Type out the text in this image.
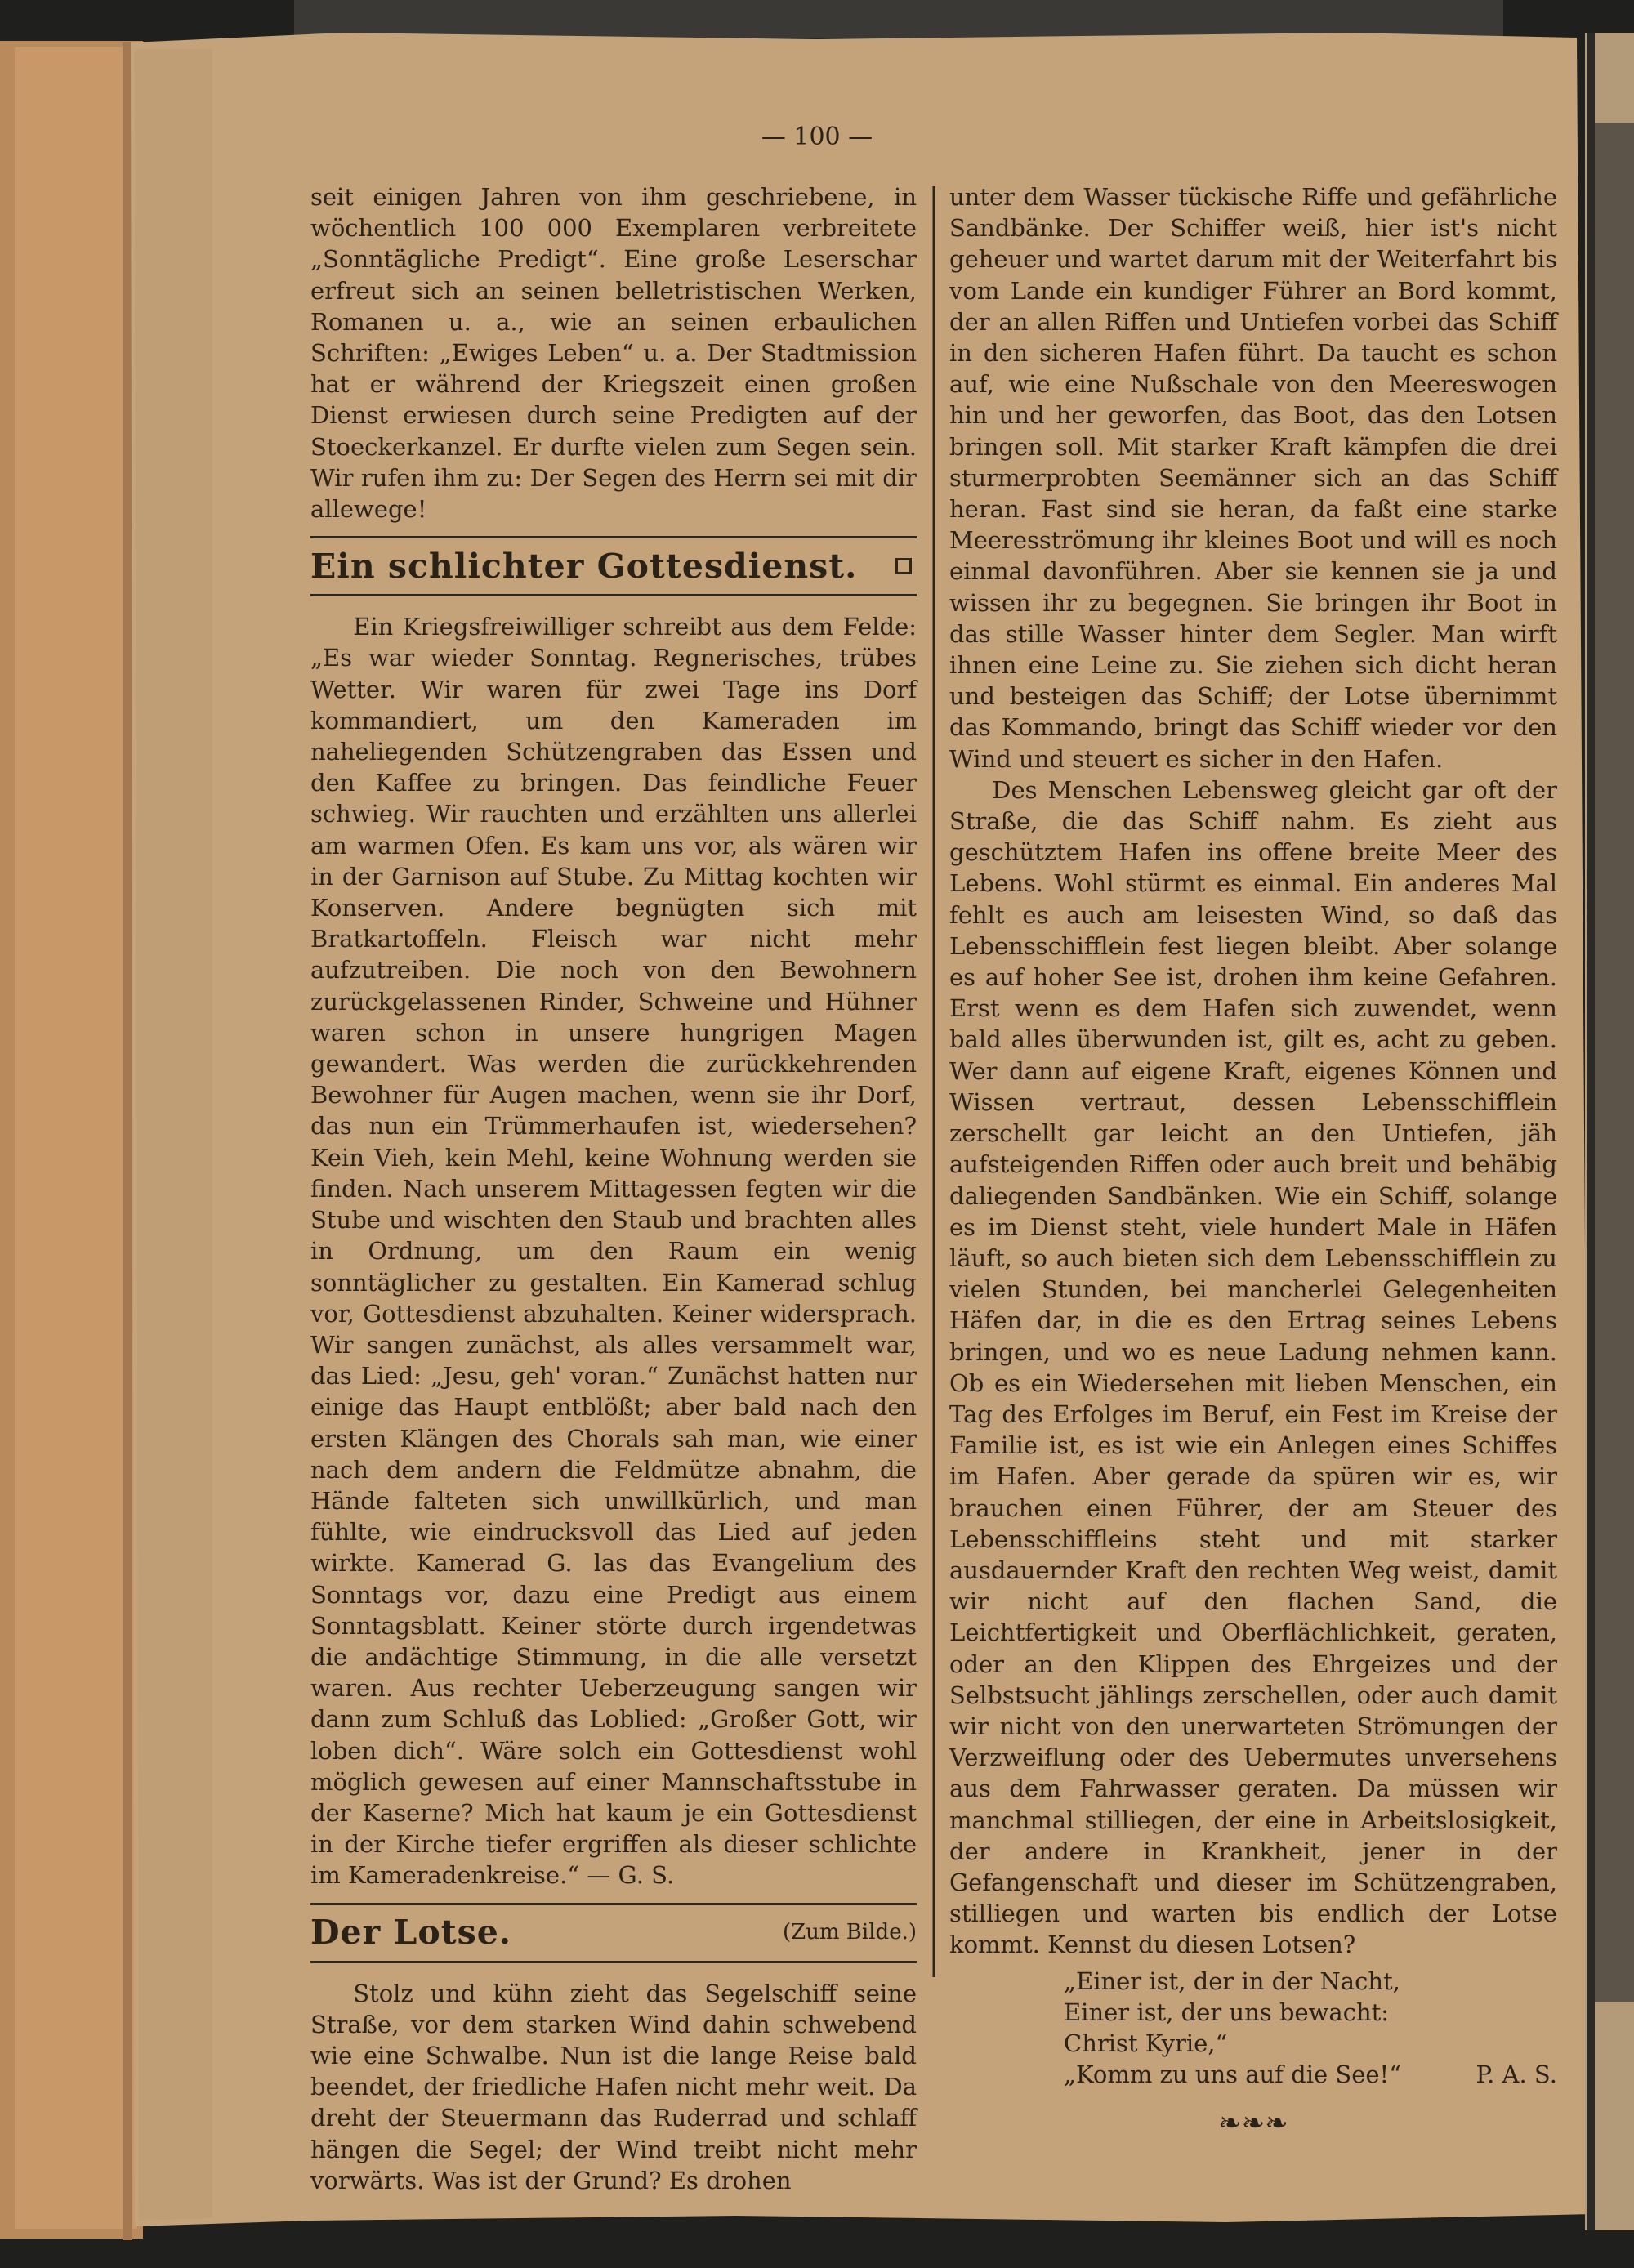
— 100 —

seit einigen Jahren von ihm geschriebene, in wöchentlich 100 000 Exemplaren verbreitete „Sonntägliche Predigt“. Eine große Leserschar erfreut sich an seinen belletristischen Werken, Romanen u. a., wie an seinen erbaulichen Schriften: „Ewiges Leben“ u. a. Der Stadtmission hat er während der Kriegszeit einen großen Dienst erwiesen durch seine Predigten auf der Stoeckerkanzel. Er durfte vielen zum Segen sein. Wir rufen ihm zu: Der Segen des Herrn sei mit dir allewege!

Ein schlichter Gottesdienst.

Ein Kriegsfreiwilliger schreibt aus dem Felde: „Es war wieder Sonntag. Regnerisches, trübes Wetter. Wir waren für zwei Tage ins Dorf kommandiert, um den Kameraden im naheliegenden Schützengraben das Essen und den Kaffee zu bringen. Das feindliche Feuer schwieg. Wir rauchten und erzählten uns allerlei am warmen Ofen. Es kam uns vor, als wären wir in der Garnison auf Stube. Zu Mittag kochten wir Konserven. Andere begnügten sich mit Bratkartoffeln. Fleisch war nicht mehr aufzutreiben. Die noch von den Bewohnern zurückgelassenen Rinder, Schweine und Hühner waren schon in unsere hungrigen Magen gewandert. Was werden die zurückkehrenden Bewohner für Augen machen, wenn sie ihr Dorf, das nun ein Trümmerhaufen ist, wiedersehen? Kein Vieh, kein Mehl, keine Wohnung werden sie finden. Nach unserem Mittagessen fegten wir die Stube und wischten den Staub und brachten alles in Ordnung, um den Raum ein wenig sonntäglicher zu gestalten. Ein Kamerad schlug vor, Gottesdienst abzuhalten. Keiner widersprach. Wir sangen zunächst, als alles versammelt war, das Lied: „Jesu, geh' voran.“ Zunächst hatten nur einige das Haupt entblößt; aber bald nach den ersten Klängen des Chorals sah man, wie einer nach dem andern die Feldmütze abnahm, die Hände falteten sich unwillkürlich, und man fühlte, wie eindrucksvoll das Lied auf jeden wirkte. Kamerad G. las das Evangelium des Sonntags vor, dazu eine Predigt aus einem Sonntagsblatt. Keiner störte durch irgendetwas die andächtige Stimmung, in die alle versetzt waren. Aus rechter Ueberzeugung sangen wir dann zum Schluß das Loblied: „Großer Gott, wir loben dich“. Wäre solch ein Gottesdienst wohl möglich gewesen auf einer Mannschaftsstube in der Kaserne? Mich hat kaum je ein Gottesdienst in der Kirche tiefer ergriffen als dieser schlichte im Kameradenkreise.“ — G. S.

Der Lotse.	(Zum Bilde.)

Stolz und kühn zieht das Segelschiff seine Straße, vor dem starken Wind dahin schwebend wie eine Schwalbe. Nun ist die lange Reise bald beendet, der friedliche Hafen nicht mehr weit. Da dreht der Steuermann das Ruderrad und schlaff hängen die Segel; der Wind treibt nicht mehr vorwärts. Was ist der Grund? Es drohen

unter dem Wasser tückische Riffe und gefährliche Sandbänke. Der Schiffer weiß, hier ist's nicht geheuer und wartet darum mit der Weiterfahrt bis vom Lande ein kundiger Führer an Bord kommt, der an allen Riffen und Untiefen vorbei das Schiff in den sicheren Hafen führt. Da taucht es schon auf, wie eine Nußschale von den Meereswogen hin und her geworfen, das Boot, das den Lotsen bringen soll. Mit starker Kraft kämpfen die drei sturmerprobten Seemänner sich an das Schiff heran. Fast sind sie heran, da faßt eine starke Meeresströmung ihr kleines Boot und will es noch einmal davonführen. Aber sie kennen sie ja und wissen ihr zu begegnen. Sie bringen ihr Boot in das stille Wasser hinter dem Segler. Man wirft ihnen eine Leine zu. Sie ziehen sich dicht heran und besteigen das Schiff; der Lotse übernimmt das Kommando, bringt das Schiff wieder vor den Wind und steuert es sicher in den Hafen.

Des Menschen Lebensweg gleicht gar oft der Straße, die das Schiff nahm. Es zieht aus geschütztem Hafen ins offene breite Meer des Lebens. Wohl stürmt es einmal. Ein anderes Mal fehlt es auch am leisesten Wind, so daß das Lebensschifflein fest liegen bleibt. Aber solange es auf hoher See ist, drohen ihm keine Gefahren. Erst wenn es dem Hafen sich zuwendet, wenn bald alles überwunden ist, gilt es, acht zu geben. Wer dann auf eigene Kraft, eigenes Können und Wissen vertraut, dessen Lebensschifflein zerschellt gar leicht an den Untiefen, jäh aufsteigenden Riffen oder auch breit und behäbig daliegenden Sandbänken. Wie ein Schiff, solange es im Dienst steht, viele hundert Male in Häfen läuft, so auch bieten sich dem Lebensschifflein zu vielen Stunden, bei mancherlei Gelegenheiten Häfen dar, in die es den Ertrag seines Lebens bringen, und wo es neue Ladung nehmen kann. Ob es ein Wiedersehen mit lieben Menschen, ein Tag des Erfolges im Beruf, ein Fest im Kreise der Familie ist, es ist wie ein Anlegen eines Schiffes im Hafen. Aber gerade da spüren wir es, wir brauchen einen Führer, der am Steuer des Lebensschiffleins steht und mit starker ausdauernder Kraft den rechten Weg weist, damit wir nicht auf den flachen Sand, die Leichtfertigkeit und Oberflächlichkeit, geraten, oder an den Klippen des Ehrgeizes und der Selbstsucht jählings zerschellen, oder auch damit wir nicht von den unerwarteten Strömungen der Verzweiflung oder des Uebermutes unversehens aus dem Fahrwasser geraten. Da müssen wir manchmal stilliegen, der eine in Arbeitslosigkeit, der andere in Krankheit, jener in der Gefangenschaft und dieser im Schützengraben, stilliegen und warten bis endlich der Lotse kommt. Kennst du diesen Lotsen?

„Einer ist, der in der Nacht,
Einer ist, der uns bewacht:
Christ Kyrie,“
„Komm zu uns auf die See!“	P. A. S.
❧❧❧
